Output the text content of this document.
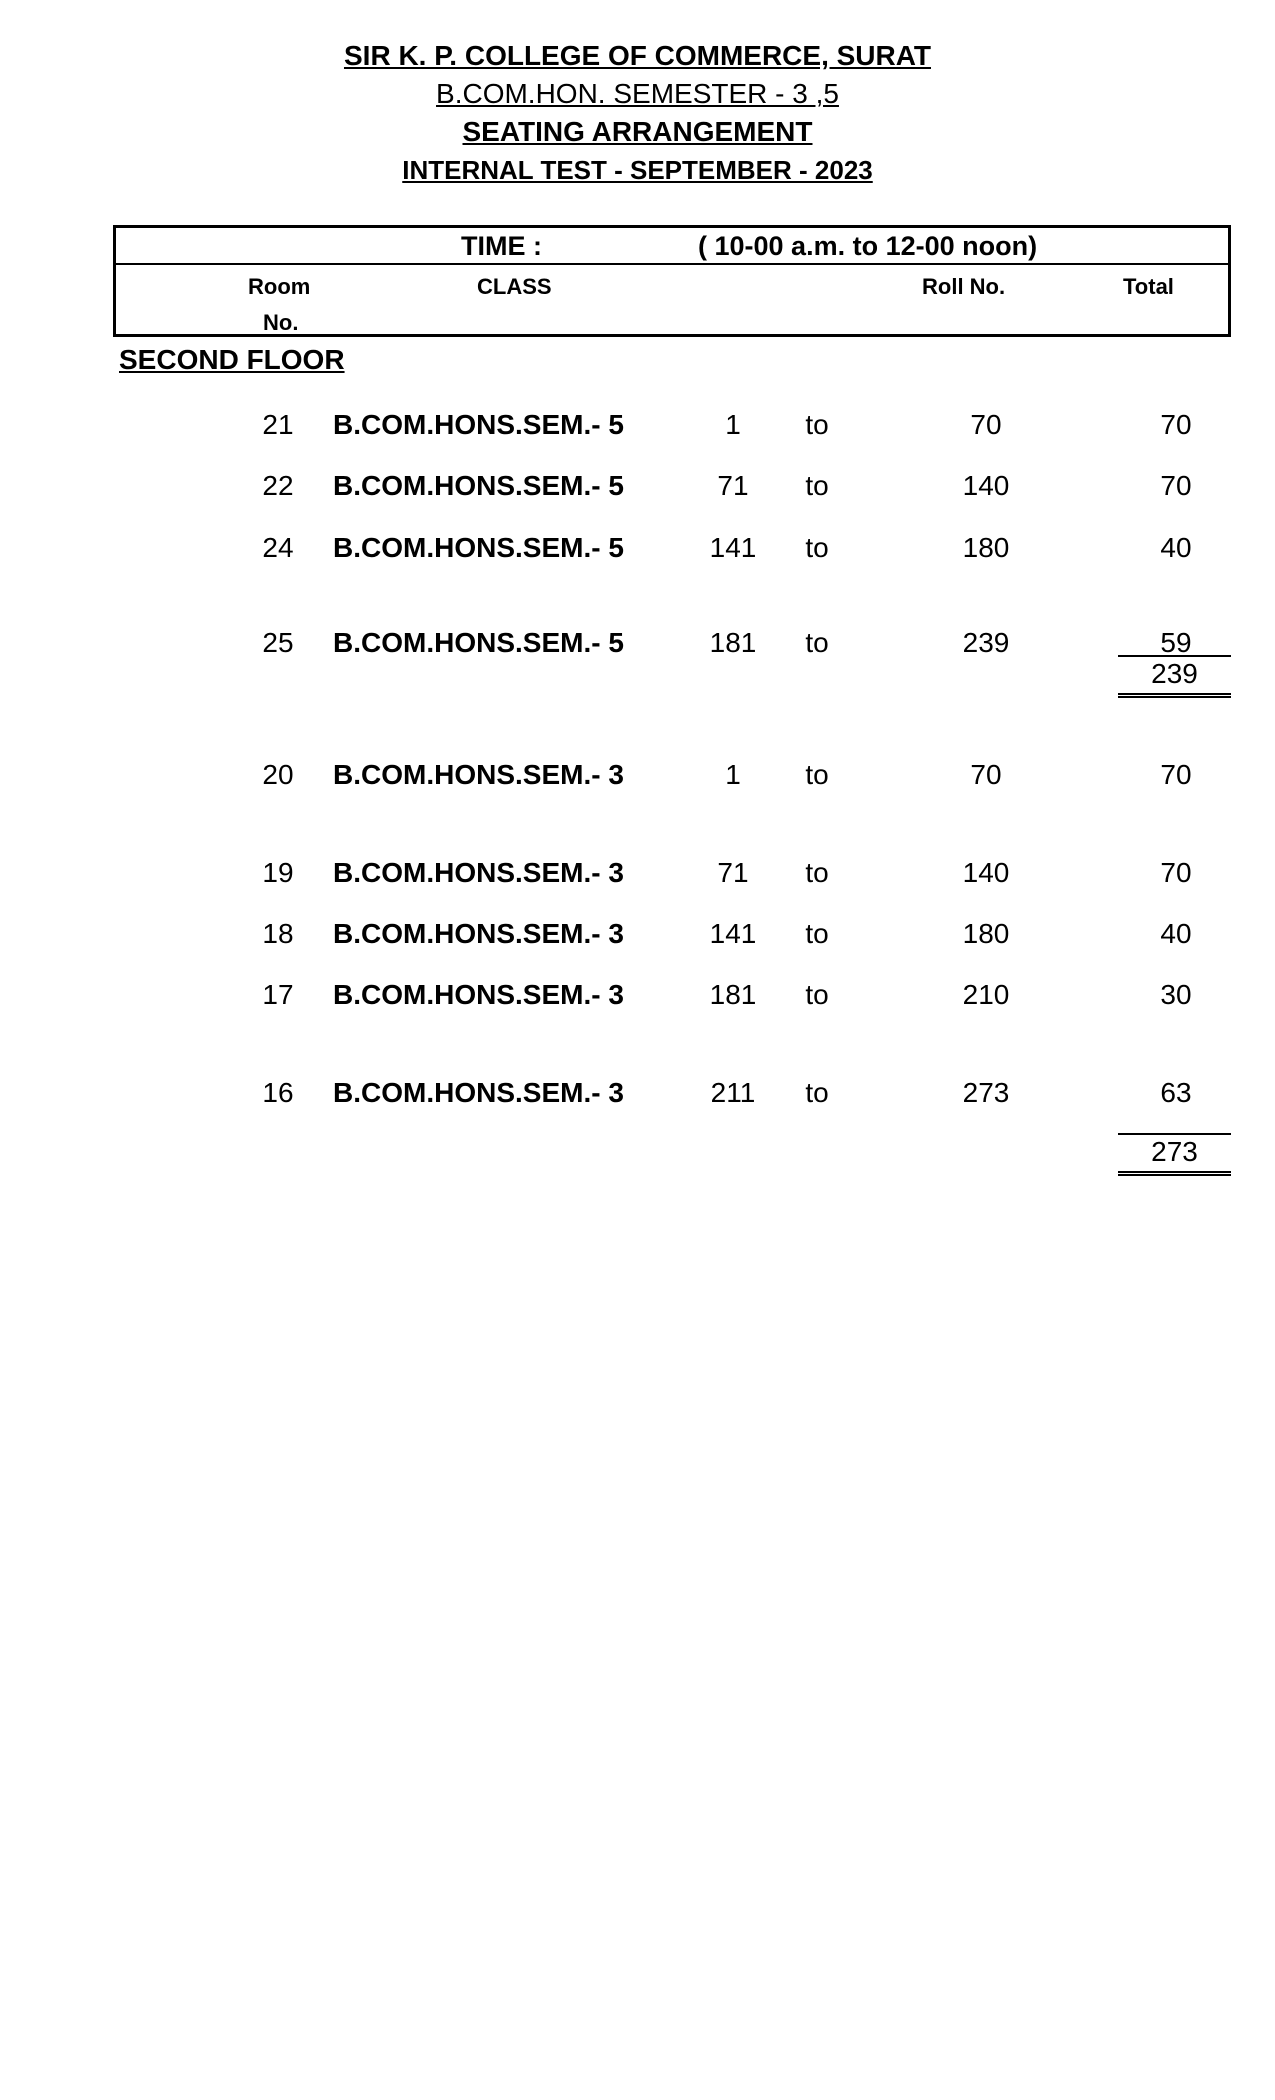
SIR K. P. COLLEGE OF COMMERCE, SURAT
B.COM.HON. SEMESTER - 3 ,5
SEATING ARRANGEMENT
INTERNAL TEST - SEPTEMBER - 2023
TIME :	( 10-00 a.m. to 12-00 noon)
Room
No.
CLASS	Roll No.	Total
SECOND FLOOR
21	B.COM.HONS.SEM.- 5	1	to	70	70
22	B.COM.HONS.SEM.- 5	71	to	140	70
24	B.COM.HONS.SEM.- 5	141	to	180	40
25	B.COM.HONS.SEM.- 5	181	to	239	59
239
20	B.COM.HONS.SEM.- 3	1	to	70	70
19	B.COM.HONS.SEM.- 3	71	to	140	70
18	B.COM.HONS.SEM.- 3	141	to	180	40
17	B.COM.HONS.SEM.- 3	181	to	210	30
16	B.COM.HONS.SEM.- 3	211	to	273	63
273
